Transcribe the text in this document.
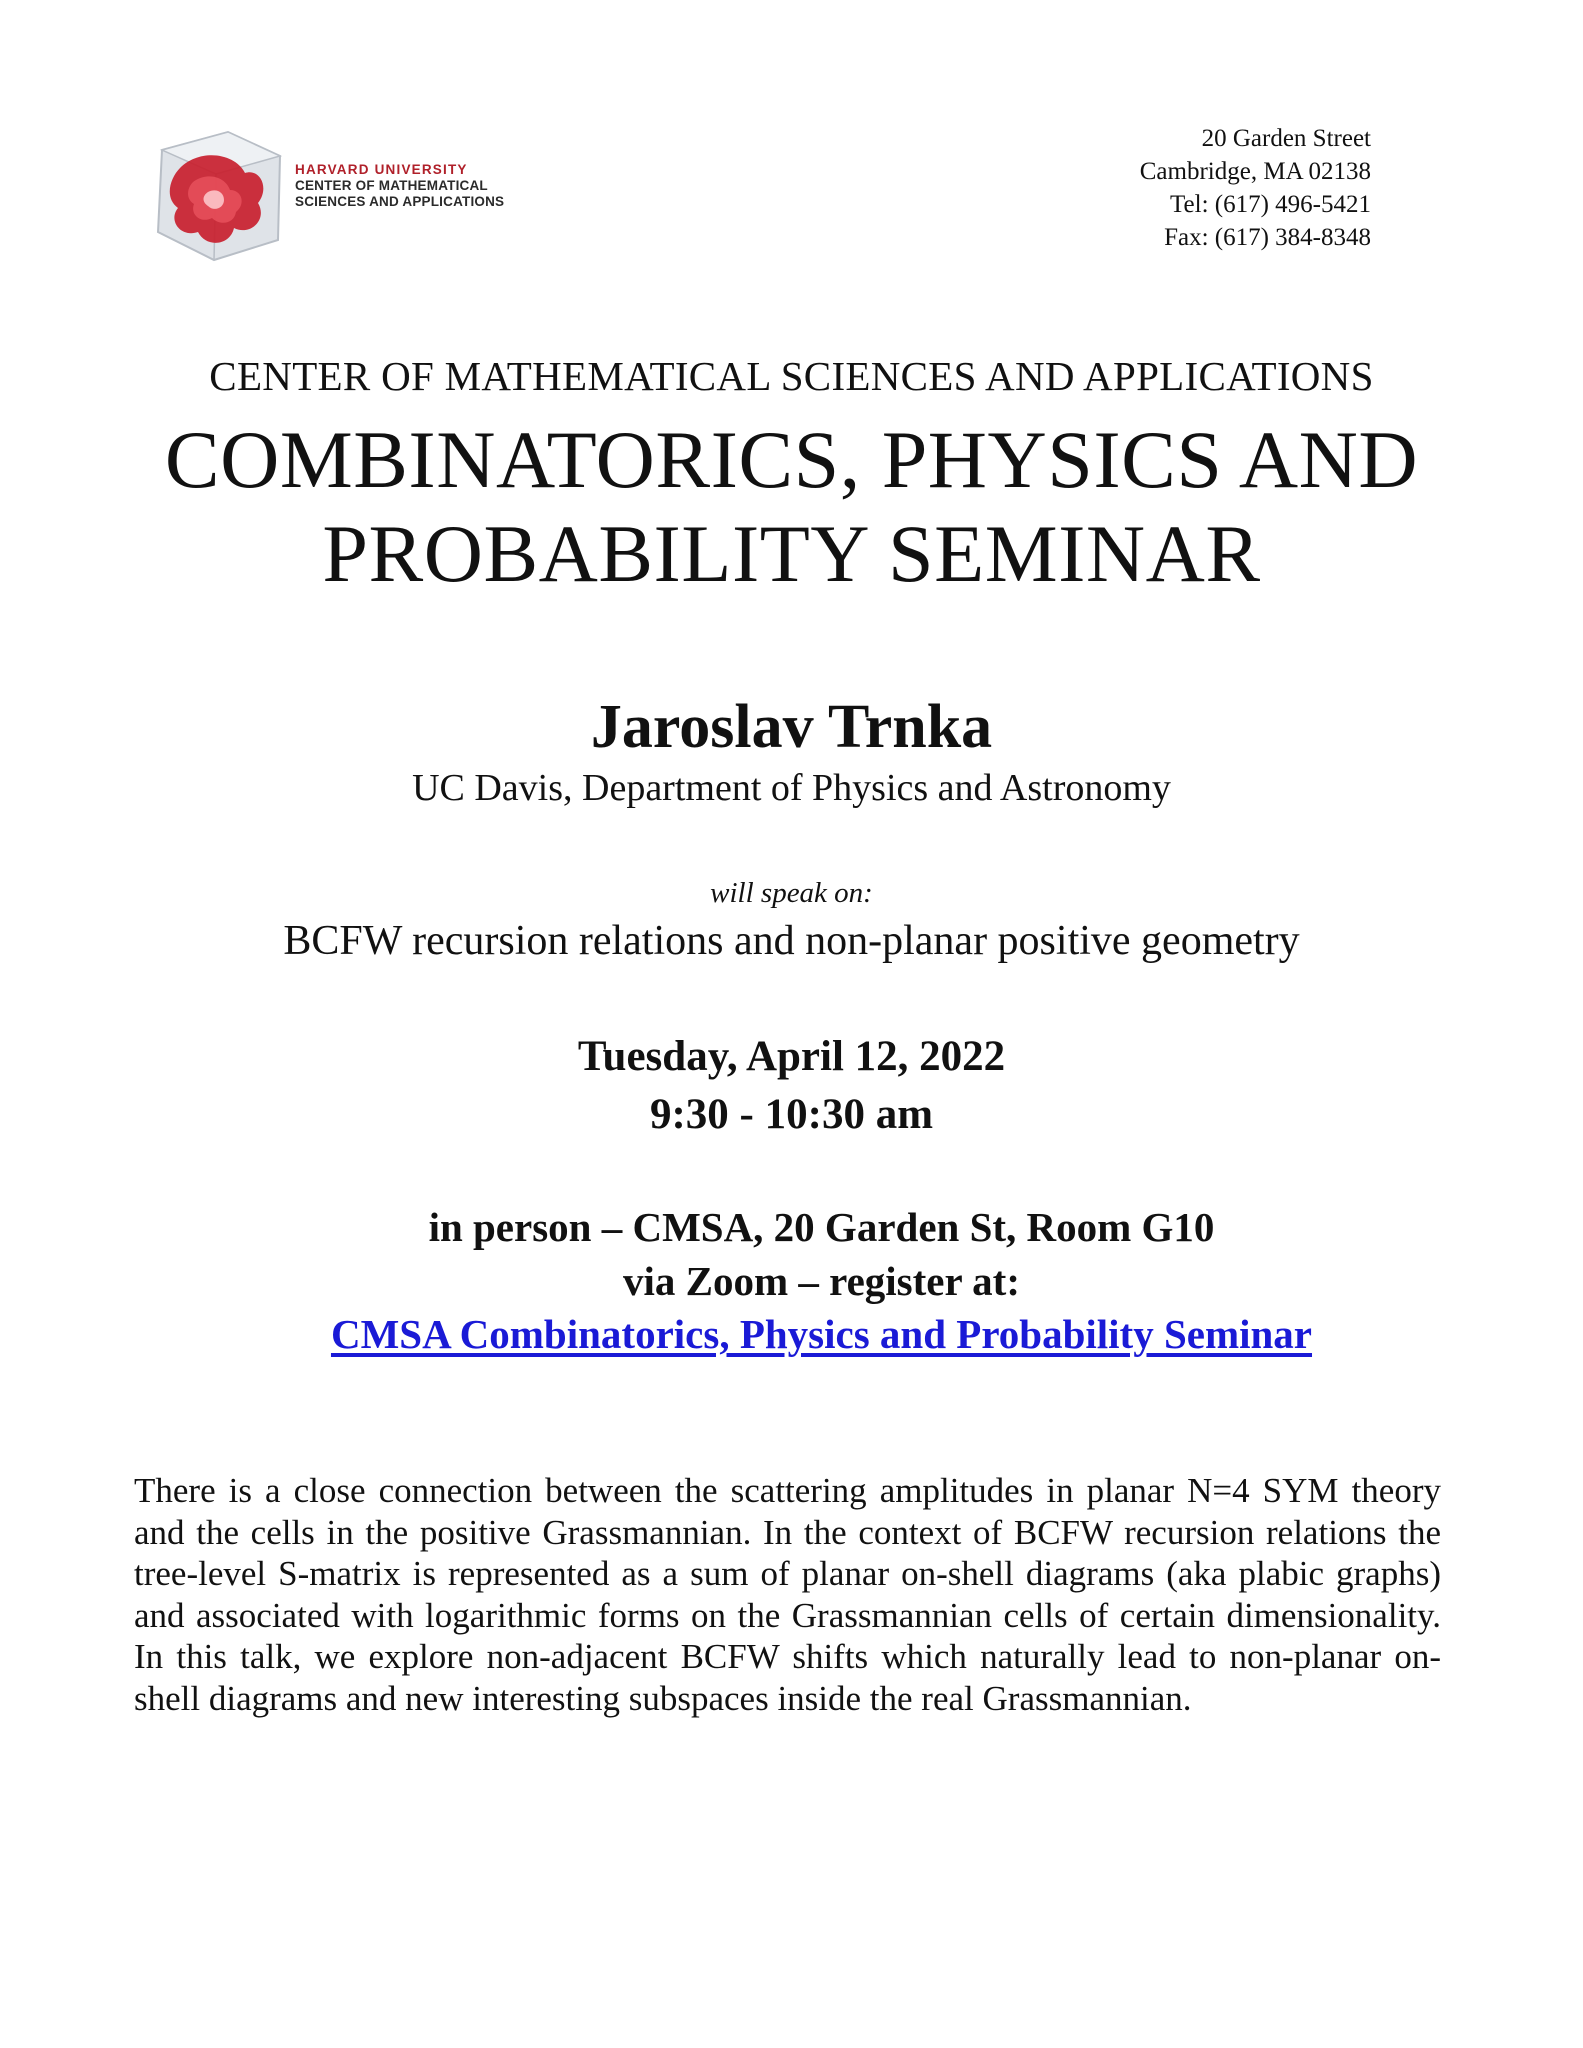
HARVARD UNIVERSITY
CENTER OF MATHEMATICAL
SCIENCES AND APPLICATIONS
20 Garden Street
Cambridge, MA 02138
Tel: (617) 496-5421
Fax: (617) 384-8348
CENTER OF MATHEMATICAL SCIENCES AND APPLICATIONS
COMBINATORICS, PHYSICS AND
PROBABILITY SEMINAR
Jaroslav Trnka
UC Davis, Department of Physics and Astronomy
will speak on:
BCFW recursion relations and non-planar positive geometry
Tuesday, April 12, 2022
9:30 - 10:30 am
in person – CMSA, 20 Garden St, Room G10
via Zoom – register at:
CMSA Combinatorics, Physics and Probability Seminar
There is a close connection between the scattering amplitudes in planar N=4 SYM theory and the cells in the positive Grassmannian. In the context of BCFW recursion relations the tree-level S-matrix is represented as a sum of planar on-shell diagrams (aka plabic graphs) and associated with logarithmic forms on the Grassmannian cells of certain dimensionality. In this talk, we explore non-adjacent BCFW shifts which naturally lead to non-planar on-shell diagrams and new interesting subspaces inside the real Grassmannian.
